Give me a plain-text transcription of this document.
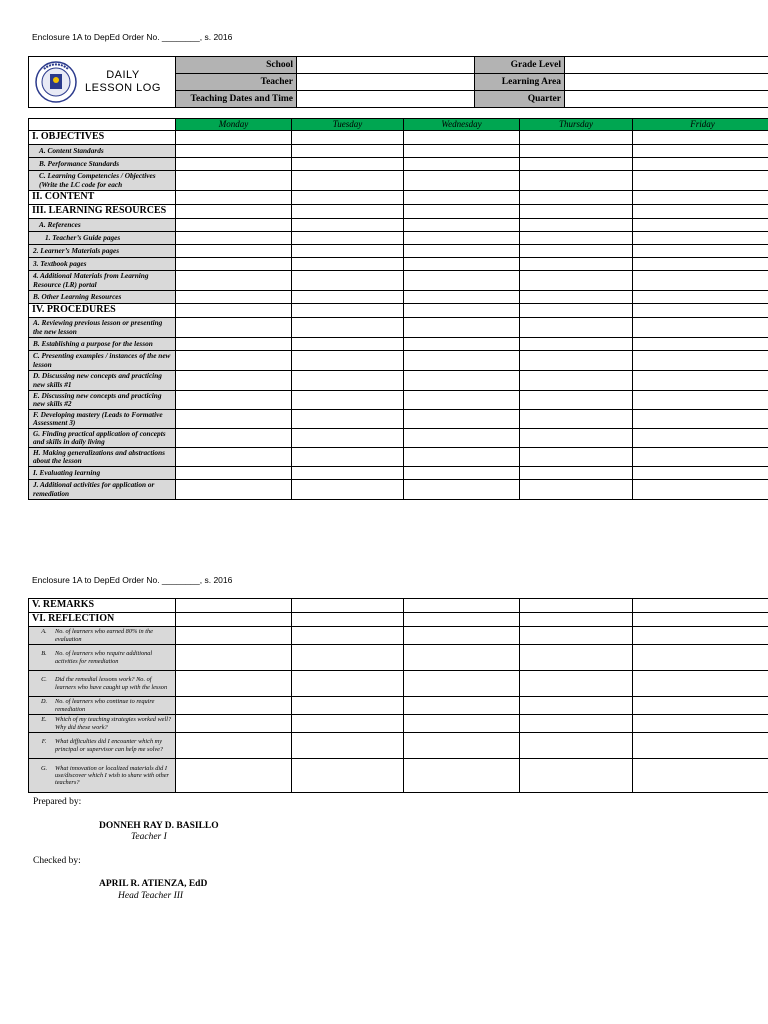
Enclosure 1A to DepEd Order No. ________, s. 2016
DAILY
LESSON LOG	School		Grade Level	
	Teacher		Learning Area	
	Teaching Dates and Time		Quarter	
	Monday	Tuesday	Wednesday	Thursday	Friday
I. OBJECTIVES					
A. Content Standards					
B. Performance Standards					
C. Learning Competencies / Objectives (Write the LC code for each					
II. CONTENT					
III. LEARNING RESOURCES					
A. References					
1. Teacher’s Guide pages					
2. Learner’s Materials pages					
3. Textbook pages					
4. Additional Materials from Learning Resource (LR) portal					
B. Other Learning Resources					
IV. PROCEDURES					
A. Reviewing previous lesson or presenting the new lesson					
B. Establishing a purpose for the lesson					
C. Presenting examples / instances of the new lesson					
D. Discussing new concepts and practicing new skills #1					
E. Discussing new concepts and practicing new skills #2					
F. Developing mastery (Leads to Formative Assessment 3)					
G. Finding practical application of concepts and skills in daily living					
H. Making generalizations and abstractions about the lesson					
I. Evaluating learning					
J. Additional activities for application or remediation					
Enclosure 1A to DepEd Order No. ________, s. 2016
V. REMARKS					
VI. REFLECTION					

A. No. of learners who earned 80% in the evaluation					

B. No. of learners who require additional activities for remediation					

C. Did the remedial lessons work? No. of learners who have caught up with the lesson					

D. No. of learners who continue to require remediation					

E. Which of my teaching strategies worked well? Why did these work?					

F. What difficulties did I encounter which my principal or supervisor can help me solve?					

G. What innovation or localized materials did I use/discover which I wish to share with other teachers?					

Prepared by:
DONNEH RAY D. BASILLO
Teacher I
Checked by:
APRIL R. ATIENZA, EdD
Head Teacher III
